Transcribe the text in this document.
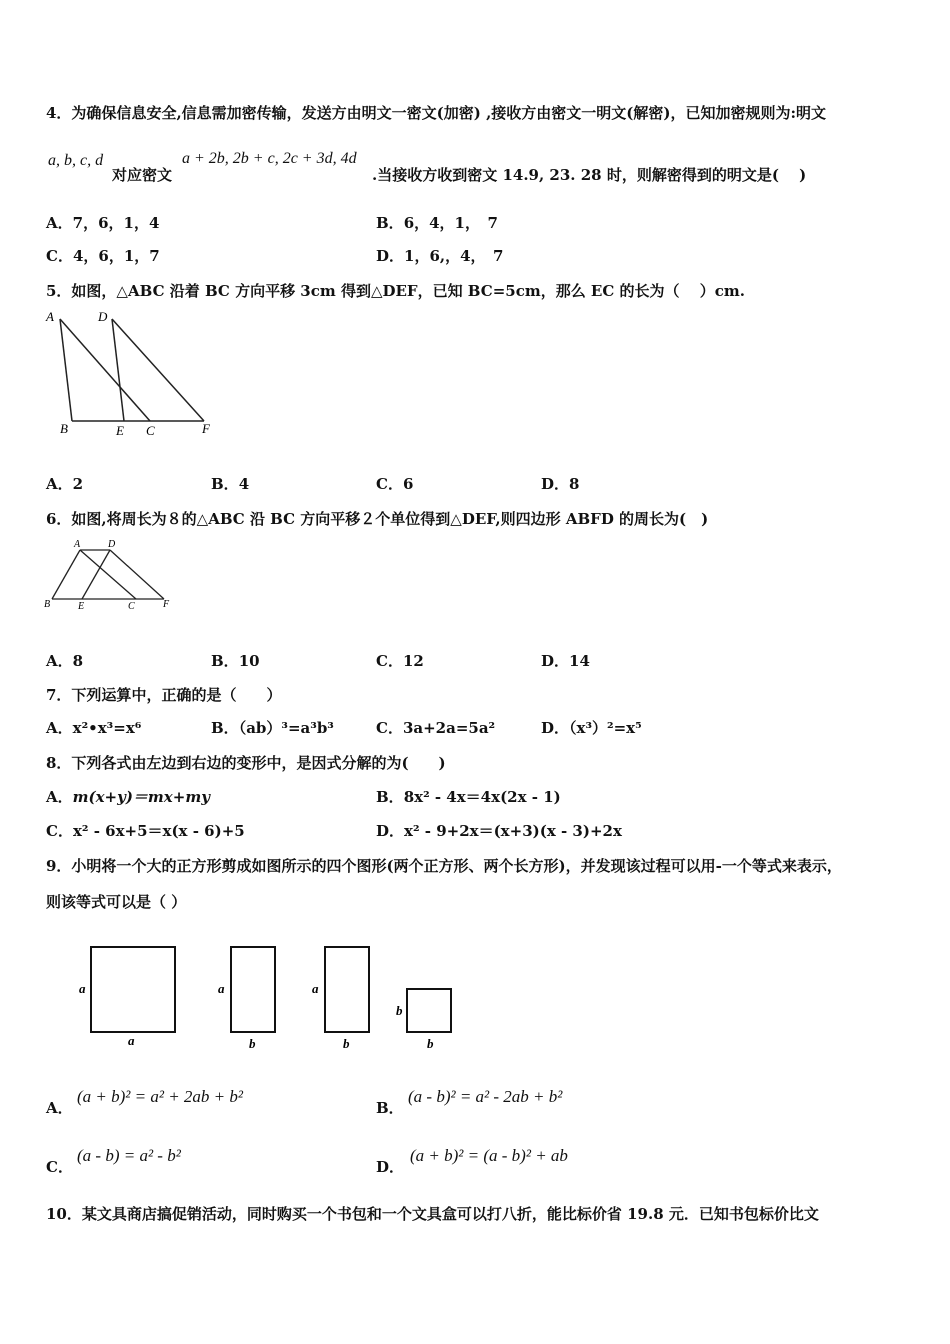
4．为确保信息安全,信息需加密传输，发送方由明文一密文(加密) ,接收方由密文一明文(解密)，已知加密规则为:明文
a, b, c, d
对应密文
a + 2b, 2b + c, 2c + 3d, 4d
.当接收方收到密文 14.9, 23. 28 时，则解密得到的明文是(　 )
A．7，6，1，4	B．6，4，1，　7
C．4，6，1，7	D．1，6,，4，　7
5．如图，△ABC 沿着 BC 方向平移 3cm 得到△DEF，已知 BC=5cm，那么 EC 的长为（　 ）cm.
A	D
B	E C	F
A．2	B．4	C．6	D．8
6．如图,将周长为８的△ABC 沿 BC 方向平移２个单位得到△DEF,则四边形 ABFD 的周长为(　)
A	D
B	E	C	F
A．8	B．10	C．12	D．14
7．下列运算中，正确的是（　　）
A．x²•x³=x⁶	B．（ab）³=a³b³	C．3a+2a=5a²	D．（x³）²=x⁵
8．下列各式由左边到右边的变形中，是因式分解的为(　　)
A．m(x+y)＝mx+my	B．8x² - 4x＝4x(2x - 1)
C．x² - 6x+5＝x(x - 6)+5	D．x² - 9+2x＝(x+3)(x - 3)+2x
9．小明将一个大的正方形剪成如图所示的四个图形(两个正方形、两个长方形)，并发现该过程可以用-一个等式来表示，
则该等式可以是（ ）
a
a
a
b
a
b
b
b
A．
(a + b)² = a² + 2ab + b²
B．
(a - b)² = a² - 2ab + b²
C．
(a - b) = a² - b²
D．
(a + b)² = (a - b)² + ab
10．某文具商店搞促销活动，同时购买一个书包和一个文具盒可以打八折，能比标价省 19.8 元．已知书包标价比文
